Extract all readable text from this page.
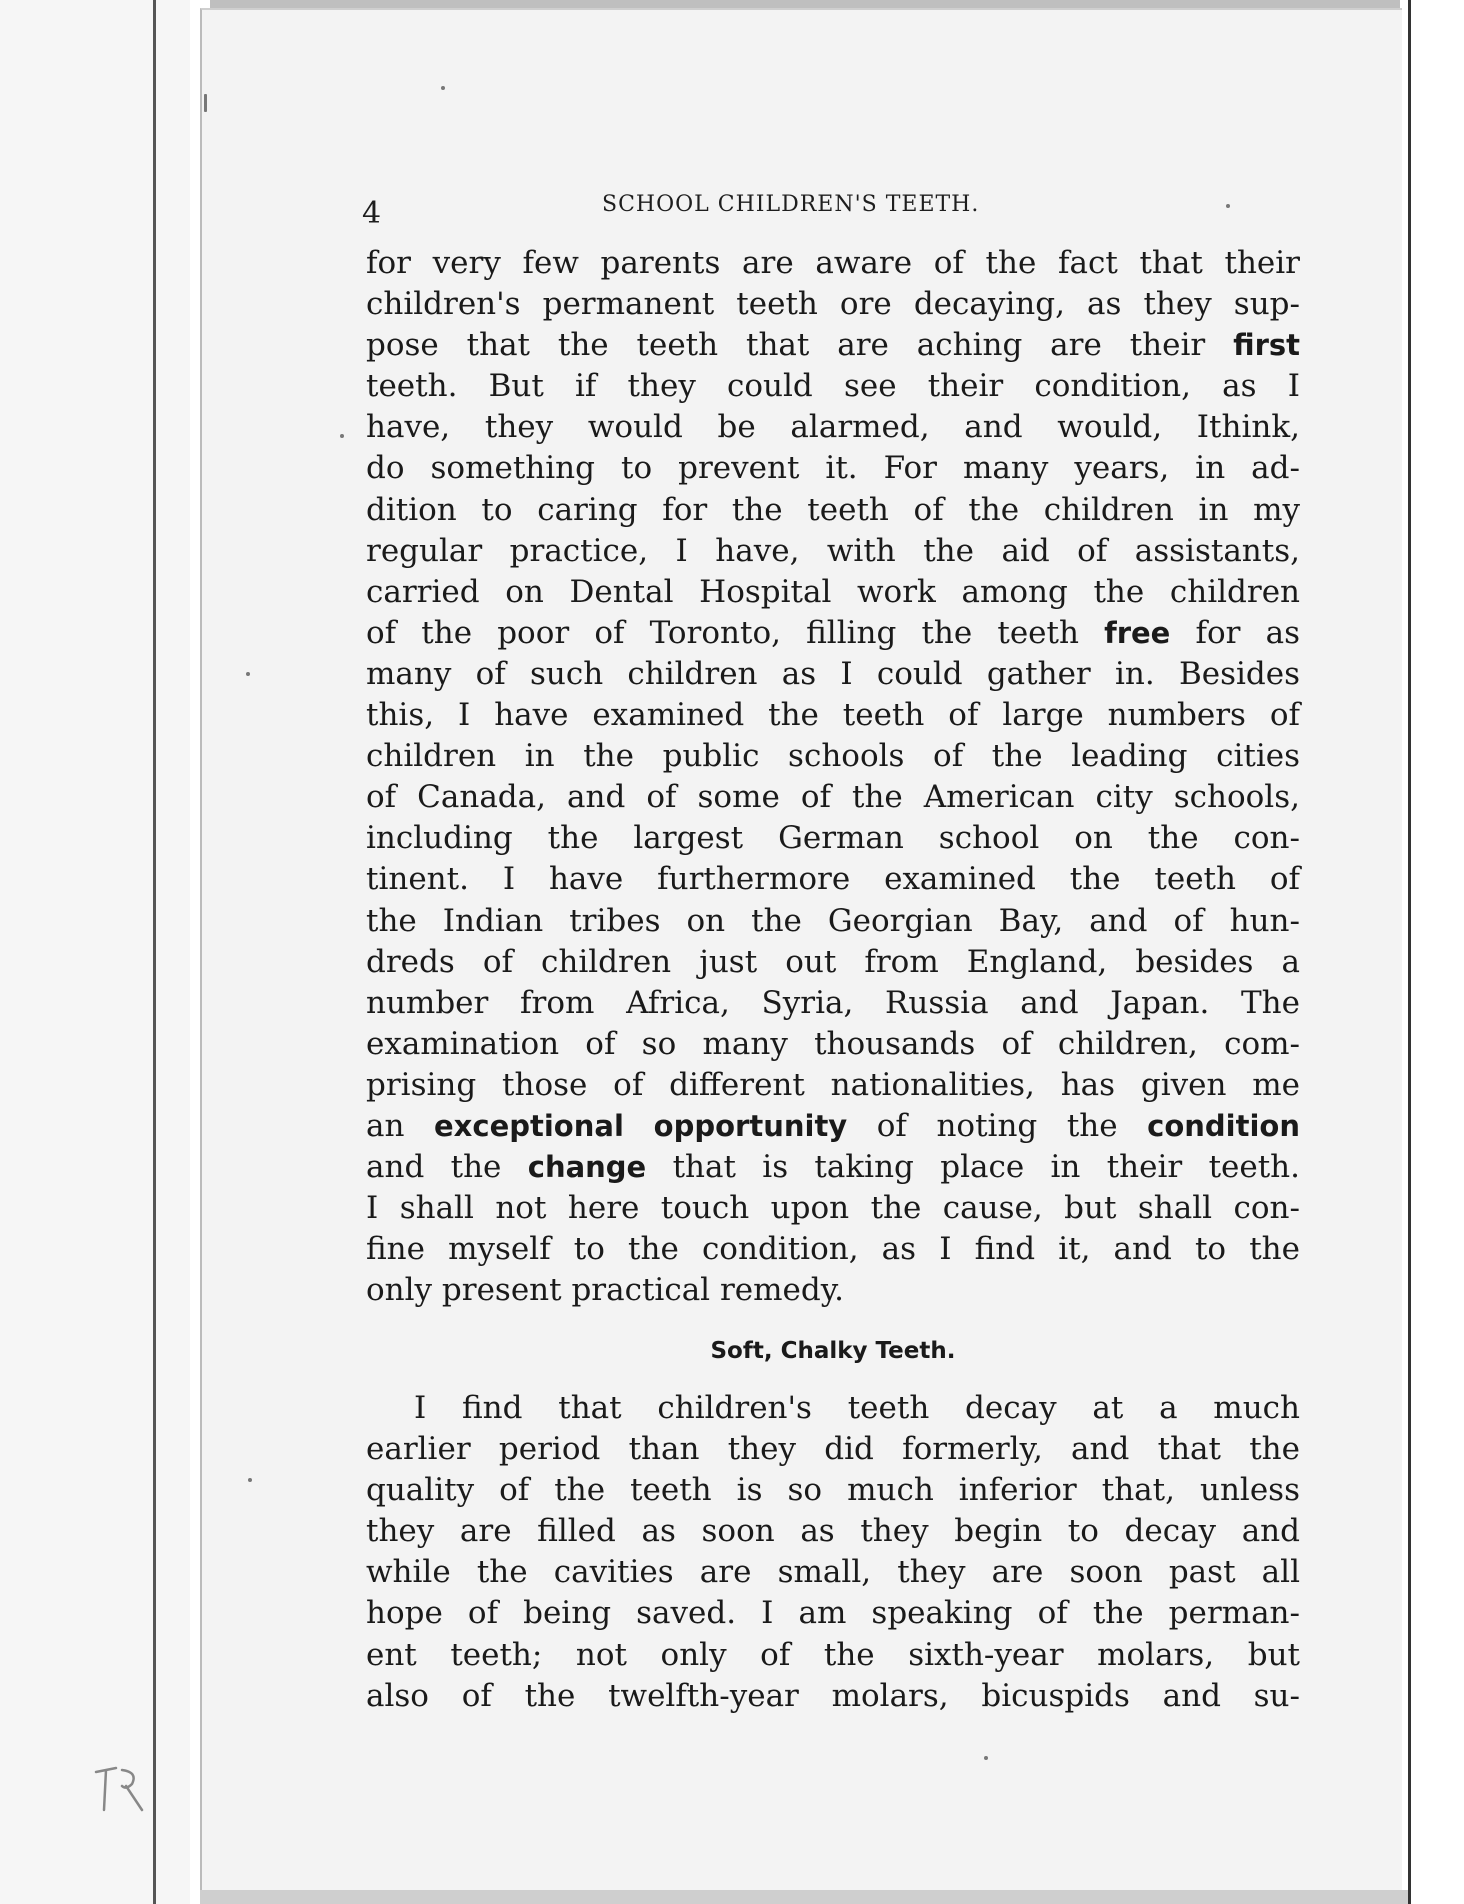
4	SCHOOL CHILDREN'S TEETH.
for very few parents are aware of the fact that their
children's permanent teeth ore decaying, as they sup-
pose that the teeth that are aching are their first
teeth. But if they could see their condition, as I
have, they would be alarmed, and would, Ithink,
do something to prevent it. For many years, in ad-
dition to caring for the teeth of the children in my
regular practice, I have, with the aid of assistants,
carried on Dental Hospital work among the children
of the poor of Toronto, filling the teeth free for as
many of such children as I could gather in. Besides
this, I have examined the teeth of large numbers of
children in the public schools of the leading cities
of Canada, and of some of the American city schools,
including the largest German school on the con-
tinent. I have furthermore examined the teeth of
the Indian tribes on the Georgian Bay, and of hun-
dreds of children just out from England, besides a
number from Africa, Syria, Russia and Japan. The
examination of so many thousands of children, com-
prising those of different nationalities, has given me
an exceptional opportunity of noting the condition
and the change that is taking place in their teeth.
I shall not here touch upon the cause, but shall con-
fine myself to the condition, as I find it, and to the
only present practical remedy.
Soft, Chalky Teeth.
I find that children's teeth decay at a much
earlier period than they did formerly, and that the
quality of the teeth is so much inferior that, unless
they are filled as soon as they begin to decay and
while the cavities are small, they are soon past all
hope of being saved. I am speaking of the perman-
ent teeth; not only of the sixth-year molars, but
also of the twelfth-year molars, bicuspids and su-
